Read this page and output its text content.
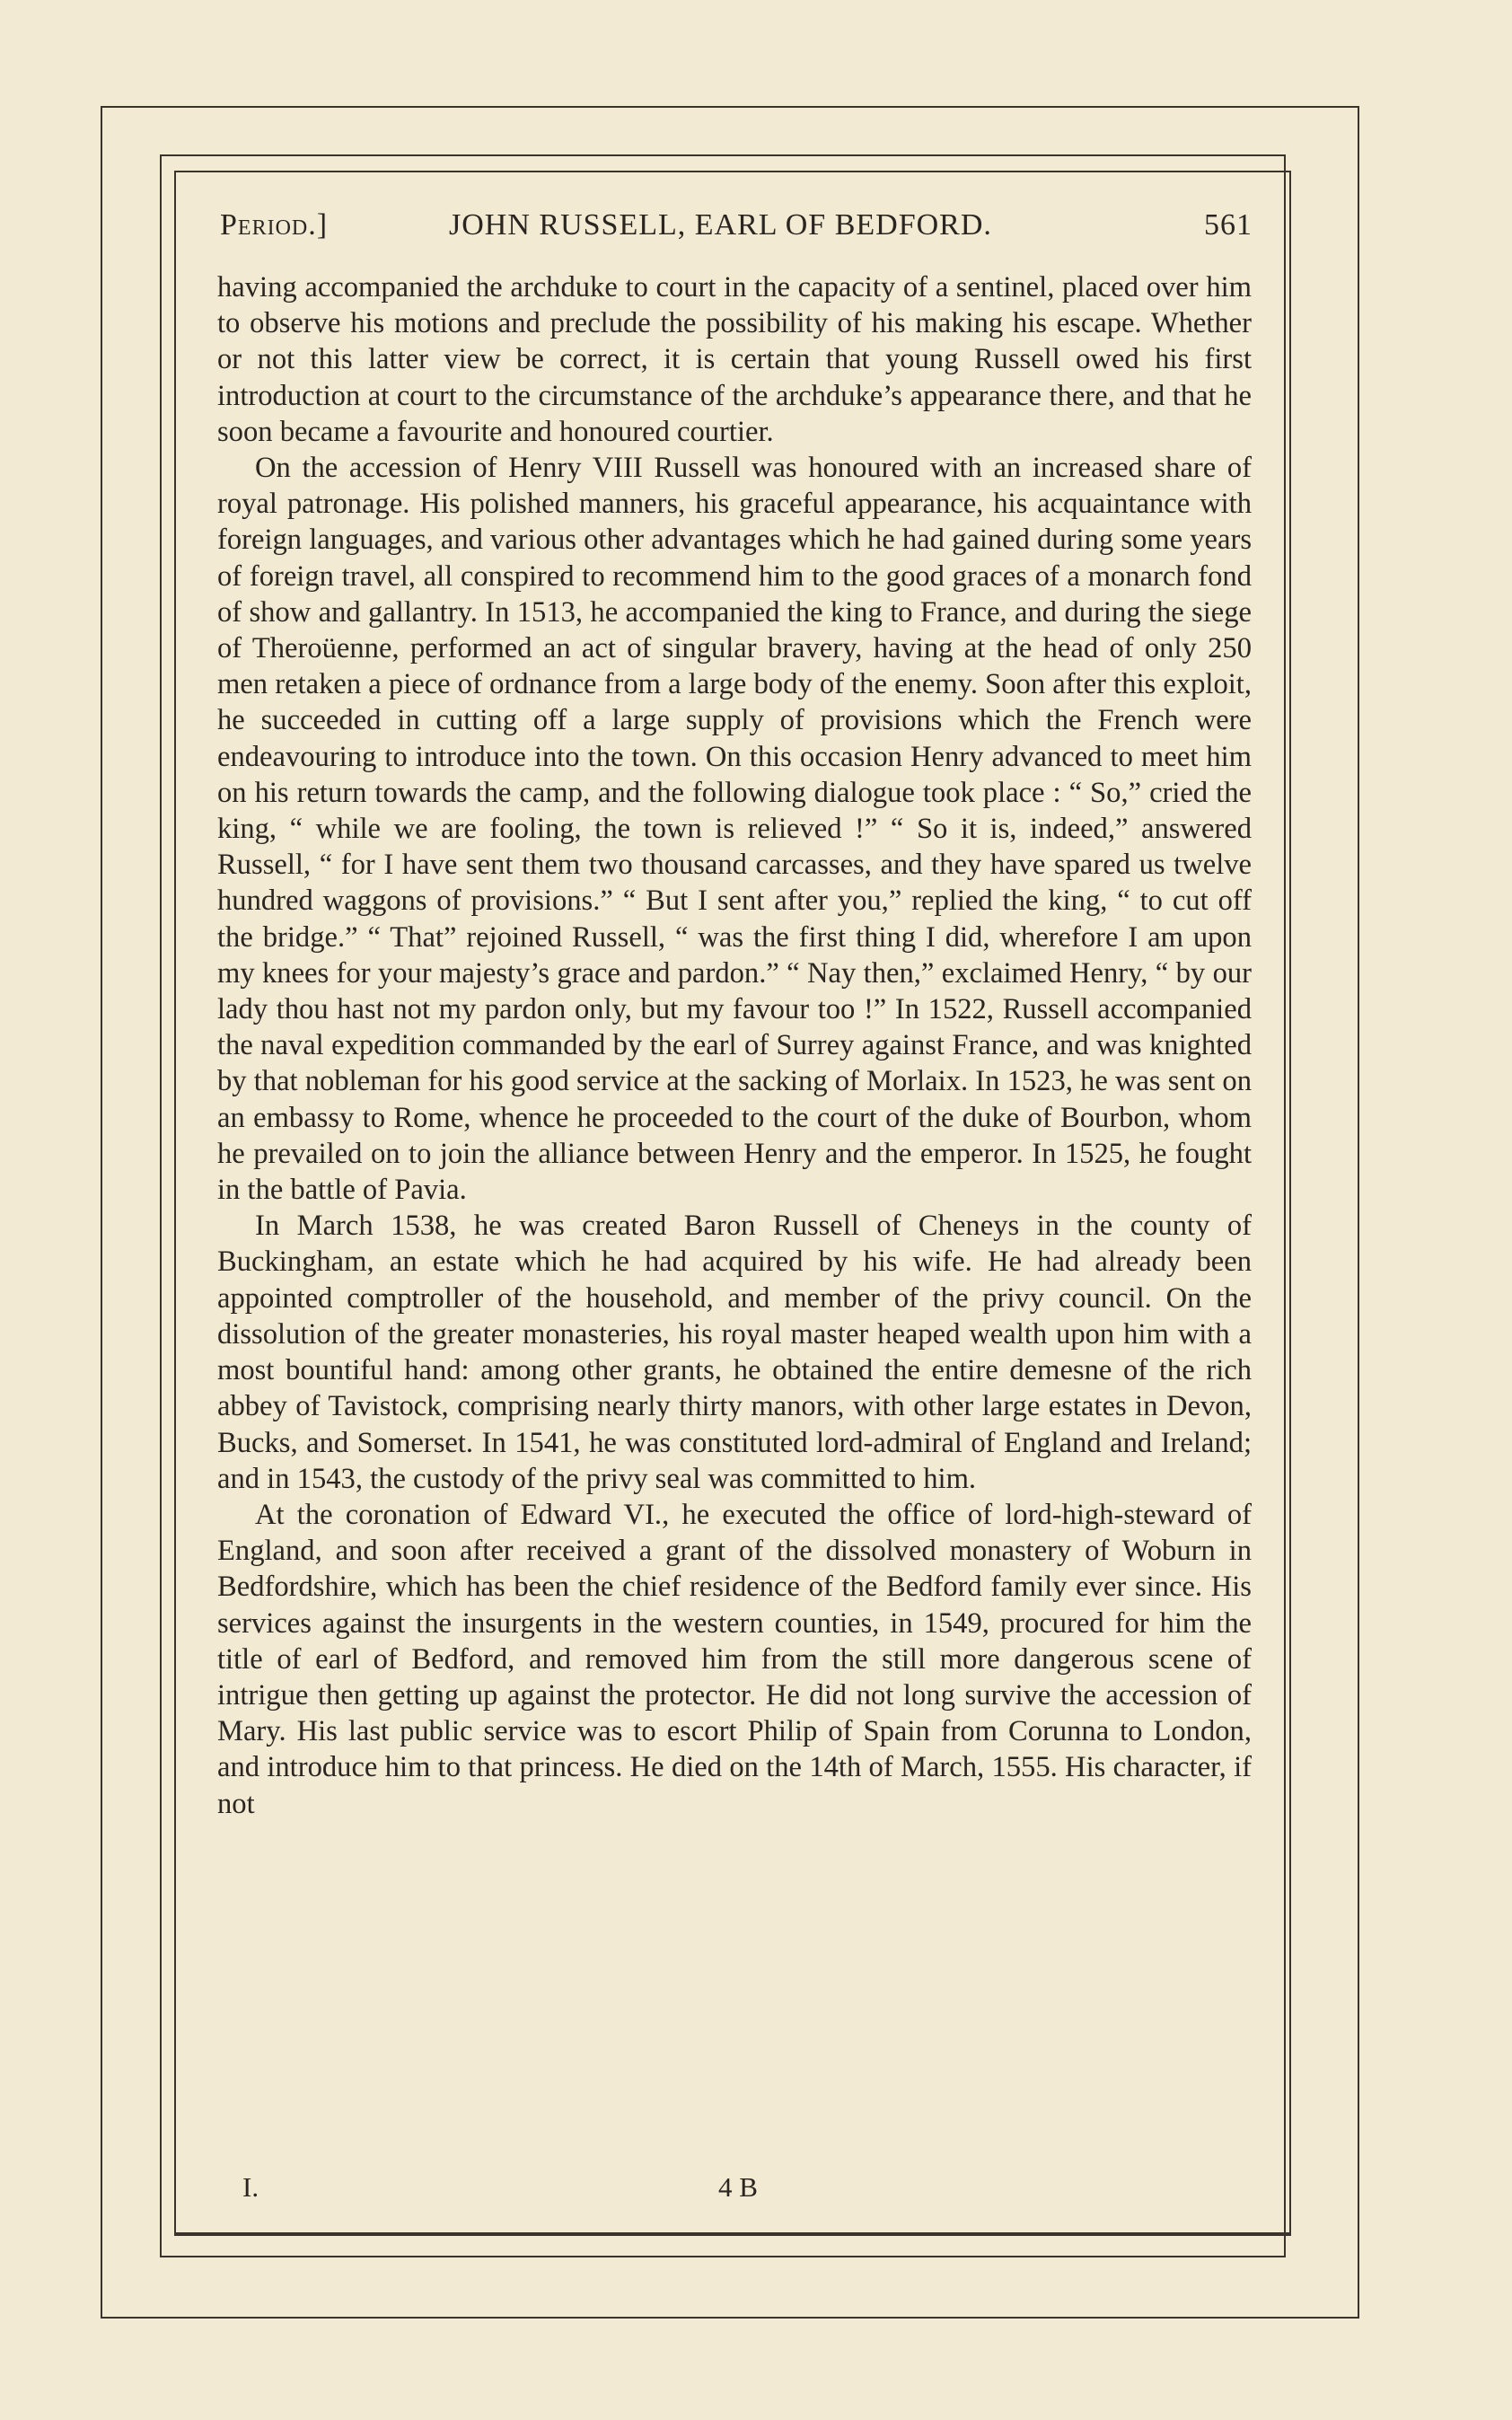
Period.]	JOHN RUSSELL, EARL OF BEDFORD.	561

having accompanied the archduke to court in the capacity of a sentinel, placed over him to observe his motions and preclude the possibility of his making his escape. Whether or not this latter view be correct, it is certain that young Russell owed his first introduction at court to the circumstance of the archduke’s appearance there, and that he soon became a favourite and honoured courtier.

On the accession of Henry VIII Russell was honoured with an increased share of royal patronage. His polished manners, his graceful appearance, his acquaintance with foreign languages, and various other advantages which he had gained during some years of foreign travel, all conspired to recommend him to the good graces of a monarch fond of show and gallantry. In 1513, he accompanied the king to France, and during the siege of Theroüenne, performed an act of singular bravery, having at the head of only 250 men retaken a piece of ordnance from a large body of the enemy. Soon after this exploit, he succeeded in cutting off a large supply of provisions which the French were endeavouring to introduce into the town. On this occasion Henry advanced to meet him on his return towards the camp, and the following dialogue took place : “ So,” cried the king, “ while we are fooling, the town is relieved !” “ So it is, indeed,” answered Russell, “ for I have sent them two thousand carcasses, and they have spared us twelve hundred waggons of provisions.” “ But I sent after you,” replied the king, “ to cut off the bridge.” “ That” rejoined Russell, “ was the first thing I did, wherefore I am upon my knees for your majesty’s grace and pardon.” “ Nay then,” exclaimed Henry, “ by our lady thou hast not my pardon only, but my favour too !” In 1522, Russell accompanied the naval expedition commanded by the earl of Surrey against France, and was knighted by that nobleman for his good service at the sacking of Morlaix. In 1523, he was sent on an embassy to Rome, whence he proceeded to the court of the duke of Bourbon, whom he prevailed on to join the alliance between Henry and the emperor. In 1525, he fought in the battle of Pavia.

In March 1538, he was created Baron Russell of Cheneys in the county of Buckingham, an estate which he had acquired by his wife. He had already been appointed comptroller of the household, and member of the privy council. On the dissolution of the greater monasteries, his royal master heaped wealth upon him with a most bountiful hand: among other grants, he obtained the entire demesne of the rich abbey of Tavistock, comprising nearly thirty manors, with other large estates in Devon, Bucks, and Somerset. In 1541, he was constituted lord-admiral of England and Ireland; and in 1543, the custody of the privy seal was committed to him.

At the coronation of Edward VI., he executed the office of lord-high-steward of England, and soon after received a grant of the dissolved monastery of Woburn in Bedfordshire, which has been the chief residence of the Bedford family ever since. His services against the insurgents in the western counties, in 1549, procured for him the title of earl of Bedford, and removed him from the still more dangerous scene of intrigue then getting up against the protector. He did not long survive the accession of Mary. His last public service was to escort Philip of Spain from Corunna to London, and introduce him to that princess. He died on the 14th of March, 1555. His character, if not

I.	4 B
